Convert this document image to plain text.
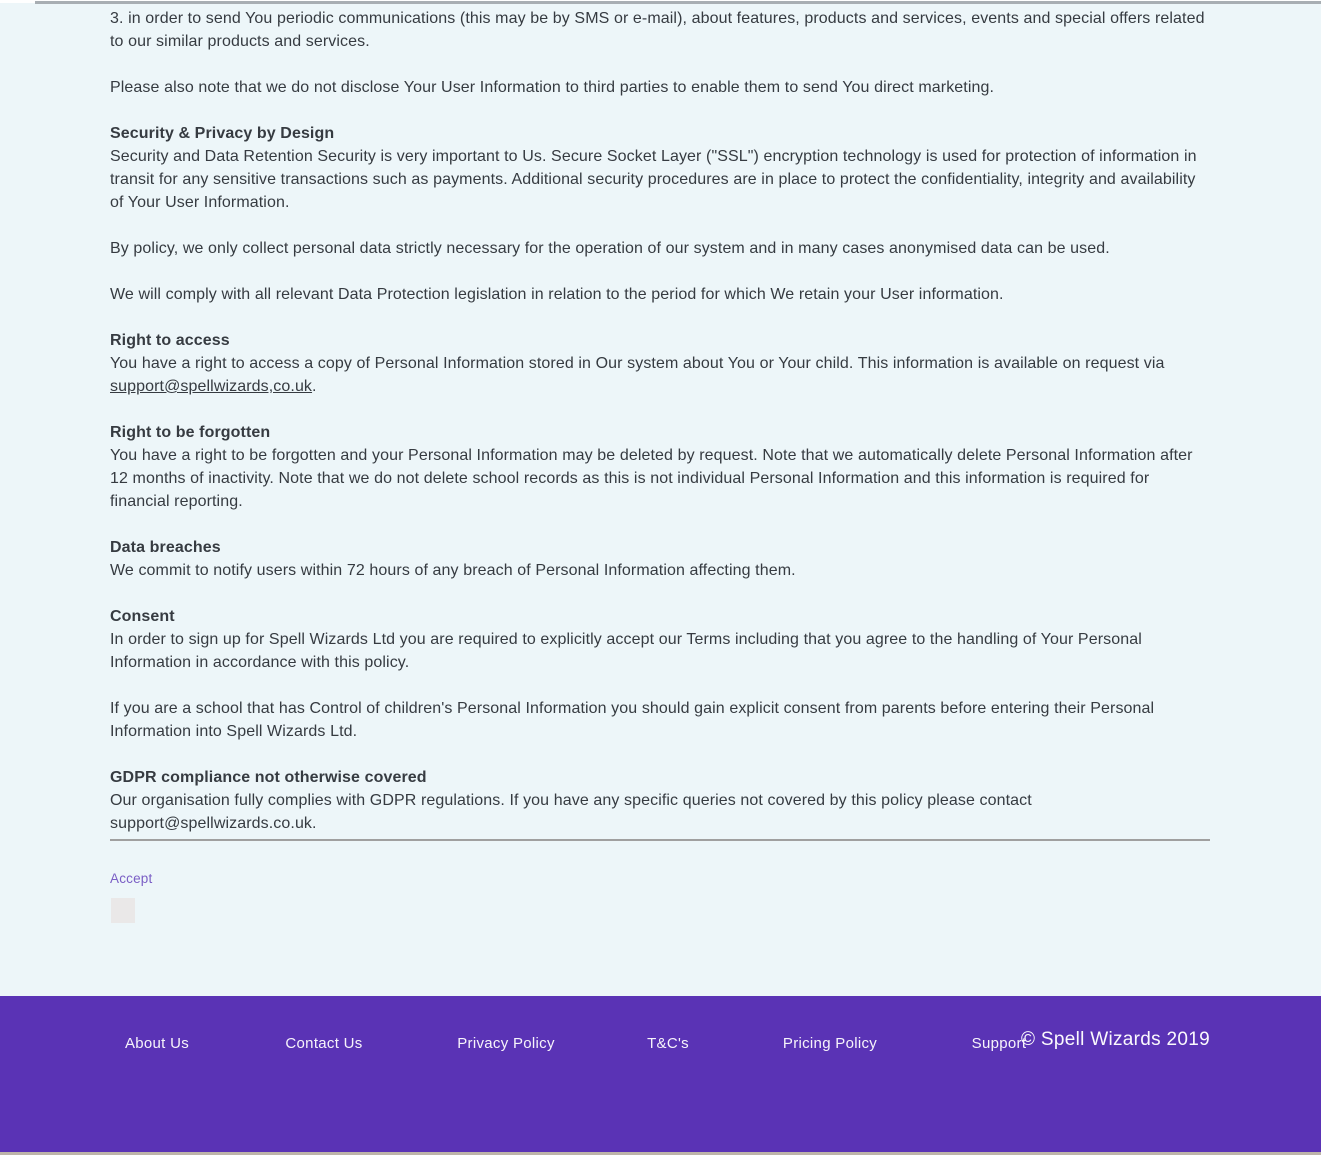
3. in order to send You periodic communications (this may be by SMS or e-mail), about features, products and services, events and special offers related to our similar products and services.

Please also note that we do not disclose Your User Information to third parties to enable them to send You direct marketing.

Security & Privacy by Design

Security and Data Retention Security is very important to Us. Secure Socket Layer ("SSL") encryption technology is used for protection of information in transit for any sensitive transactions such as payments. Additional security procedures are in place to protect the confidentiality, integrity and availability of Your User Information.

By policy, we only collect personal data strictly necessary for the operation of our system and in many cases anonymised data can be used.

We will comply with all relevant Data Protection legislation in relation to the period for which We retain your User information.

Right to access

You have a right to access a copy of Personal Information stored in Our system about You or Your child. This information is available on request via support@spellwizards,co.uk.

Right to be forgotten

You have a right to be forgotten and your Personal Information may be deleted by request. Note that we automatically delete Personal Information after 12 months of inactivity. Note that we do not delete school records as this is not individual Personal Information and this information is required for financial reporting.

Data breaches

We commit to notify users within 72 hours of any breach of Personal Information affecting them.

Consent

In order to sign up for Spell Wizards Ltd you are required to explicitly accept our Terms including that you agree to the handling of Your Personal Information in accordance with this policy.

If you are a school that has Control of children's Personal Information you should gain explicit consent from parents before entering their Personal Information into Spell Wizards Ltd.

GDPR compliance not otherwise covered

Our organisation fully complies with GDPR regulations. If you have any specific queries not covered by this policy please contact support@spellwizards.co.uk.

Accept
About Us	Contact Us	Privacy Policy	T&C's	Pricing Policy	Support
© Spell Wizards 2019
